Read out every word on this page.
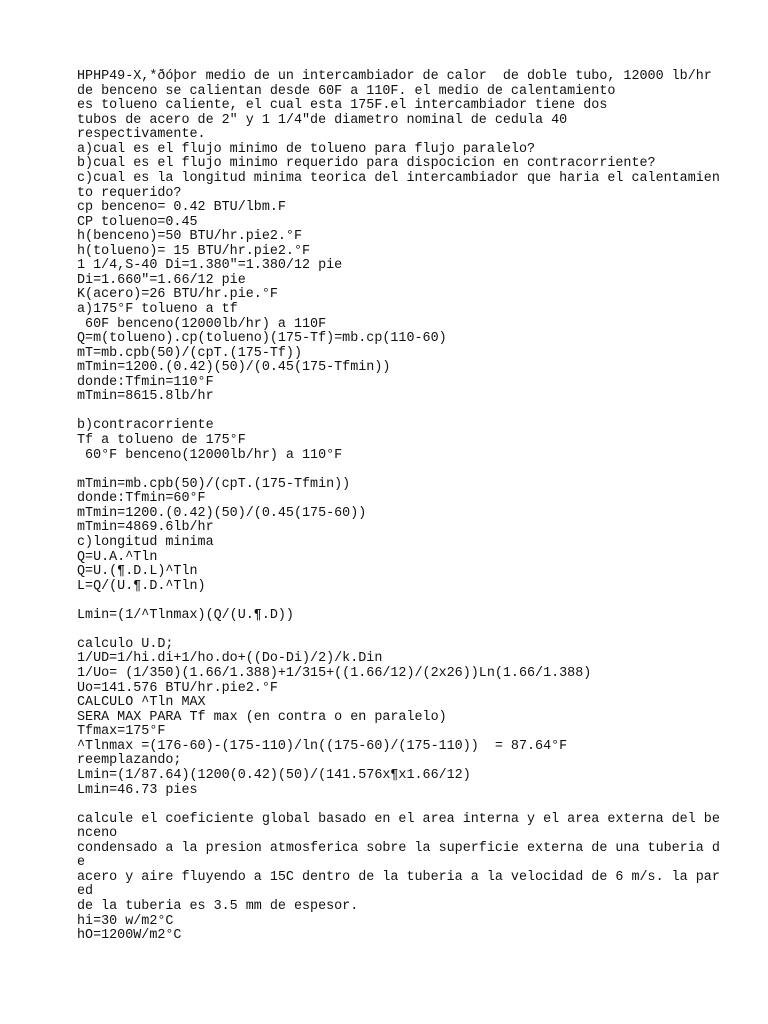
HPHP49-X,*ðóþor medio de un intercambiador de calor  de doble tubo, 12000 lb/hr
de benceno se calientan desde 60F a 110F. el medio de calentamiento
es tolueno caliente, el cual esta 175F.el intercambiador tiene dos
tubos de acero de 2" y 1 1/4"de diametro nominal de cedula 40
respectivamente.
a)cual es el flujo minimo de tolueno para flujo paralelo?
b)cual es el flujo minimo requerido para dispocicion en contracorriente?
c)cual es la longitud minima teorica del intercambiador que haria el calentamien
to requerido?
cp benceno= 0.42 BTU/lbm.F
CP tolueno=0.45
h(benceno)=50 BTU/hr.pie2.°F
h(tolueno)= 15 BTU/hr.pie2.°F
1 1/4,S-40 Di=1.380"=1.380/12 pie
Di=1.660"=1.66/12 pie
K(acero)=26 BTU/hr.pie.°F
a)175°F tolueno a tf
60F benceno(12000lb/hr) a 110F
Q=m(tolueno).cp(tolueno)(175-Tf)=mb.cp(110-60)
mT=mb.cpb(50)/(cpT.(175-Tf))
mTmin=1200.(0.42)(50)/(0.45(175-Tfmin))
donde:Tfmin=110°F
mTmin=8615.8lb/hr
b)contracorriente
Tf a tolueno de 175°F
60°F benceno(12000lb/hr) a 110°F
mTmin=mb.cpb(50)/(cpT.(175-Tfmin))
donde:Tfmin=60°F
mTmin=1200.(0.42)(50)/(0.45(175-60))
mTmin=4869.6lb/hr
c)longitud minima
Q=U.A.^Tln
Q=U.(¶.D.L)^Tln
L=Q/(U.¶.D.^Tln)
Lmin=(1/^Tlnmax)(Q/(U.¶.D))
calculo U.D;
1/UD=1/hi.di+1/ho.do+((Do-Di)/2)/k.Din
1/Uo= (1/350)(1.66/1.388)+1/315+((1.66/12)/(2x26))Ln(1.66/1.388)
Uo=141.576 BTU/hr.pie2.°F
CALCULO ^Tln MAX
SERA MAX PARA Tf max (en contra o en paralelo)
Tfmax=175°F
^Tlnmax =(176-60)-(175-110)/ln((175-60)/(175-110))  = 87.64°F
reemplazando;
Lmin=(1/87.64)(1200(0.42)(50)/(141.576x¶x1.66/12)
Lmin=46.73 pies
calcule el coeficiente global basado en el area interna y el area externa del be
nceno
condensado a la presion atmosferica sobre la superficie externa de una tuberia d
e
acero y aire fluyendo a 15C dentro de la tuberia a la velocidad de 6 m/s. la par
ed
de la tuberia es 3.5 mm de espesor.
hi=30 w/m2°C
hO=1200W/m2°C
